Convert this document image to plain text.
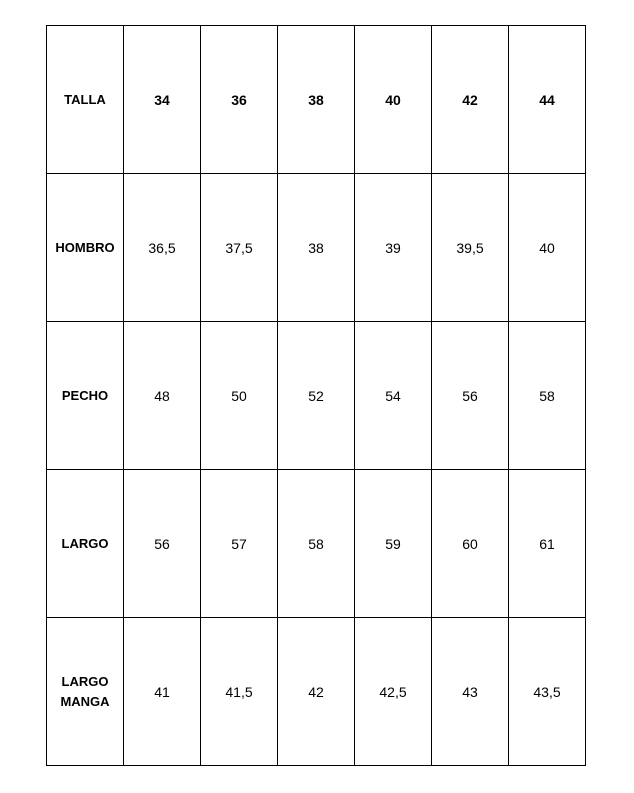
TALLA	34	36	38	40	42	44
HOMBRO	36,5	37,5	38	39	39,5	40
PECHO	48	50	52	54	56	58
LARGO	56	57	58	59	60	61

LARGO
MANGA	41	41,5	42	42,5	43	43,5
